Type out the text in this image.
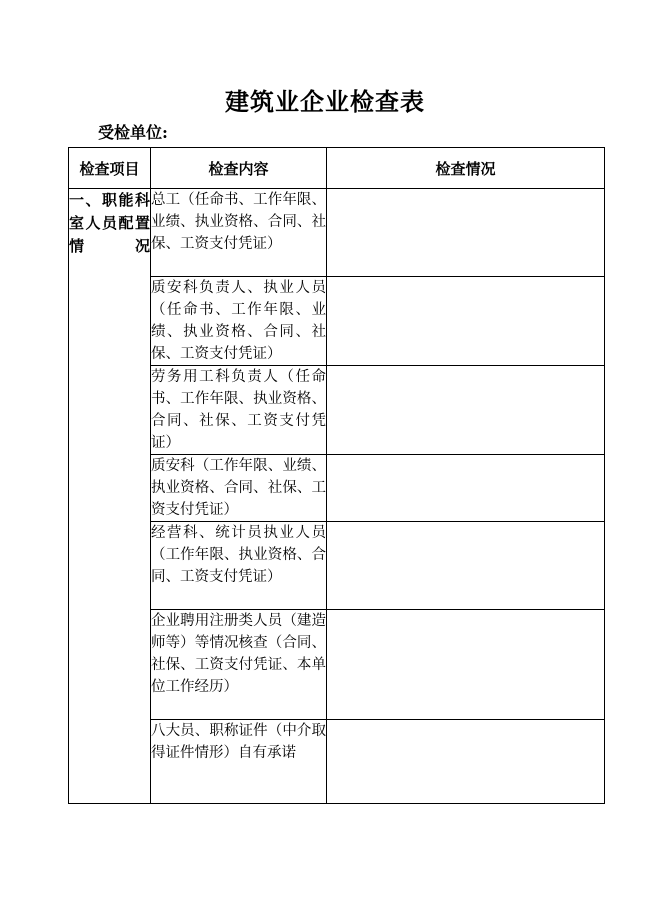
建筑业企业检查表
受检单位:
检查项目	检查内容	检查情况
一、职能科室人员配置情况	总工（任命书、工作年限、业绩、执业资格、合同、社保、工资支付凭证）	
	质安科负责人、执业人员（任命书、工作年限、业绩、执业资格、合同、社保、工资支付凭证）	
	劳务用工科负责人（任命书、工作年限、执业资格、合同、社保、工资支付凭证）	
	质安科（工作年限、业绩、执业资格、合同、社保、工资支付凭证）	
	经营科、统计员执业人员（工作年限、执业资格、合同、工资支付凭证）	
	企业聘用注册类人员（建造师等）等情况核查（合同、社保、工资支付凭证、本单位工作经历）	
	八大员、职称证件（中介取得证件情形）自有承诺	
